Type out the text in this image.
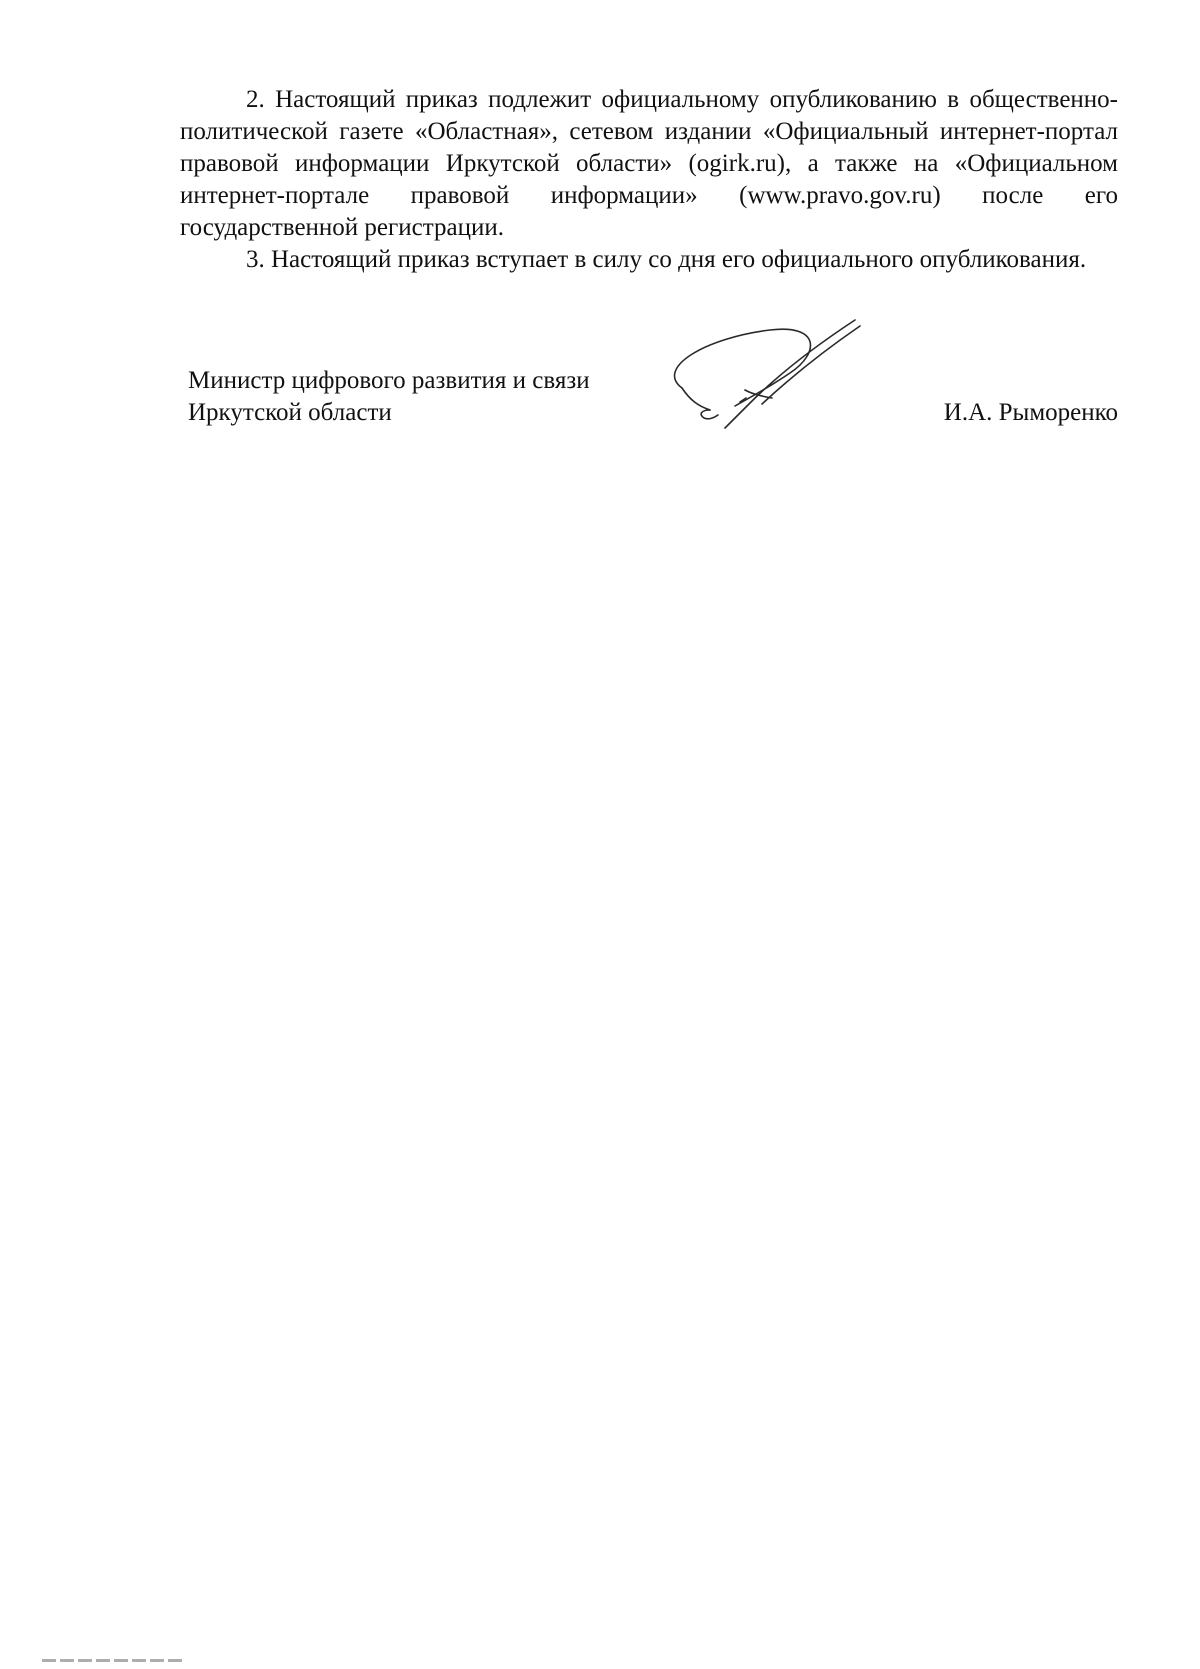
2. Настоящий приказ подлежит официальному опубликованию в общественно-политической газете «Областная», сетевом издании «Официальный интернет-портал правовой информации Иркутской области» (ogirk.ru), а также на «Официальном интернет-портале правовой информации» (www.pravo.gov.ru) после его государственной регистрации.

3. Настоящий приказ вступает в силу со дня его официального опубликования.

Министр цифрового развития и связи
Иркутской области	И.А. Рыморенко
